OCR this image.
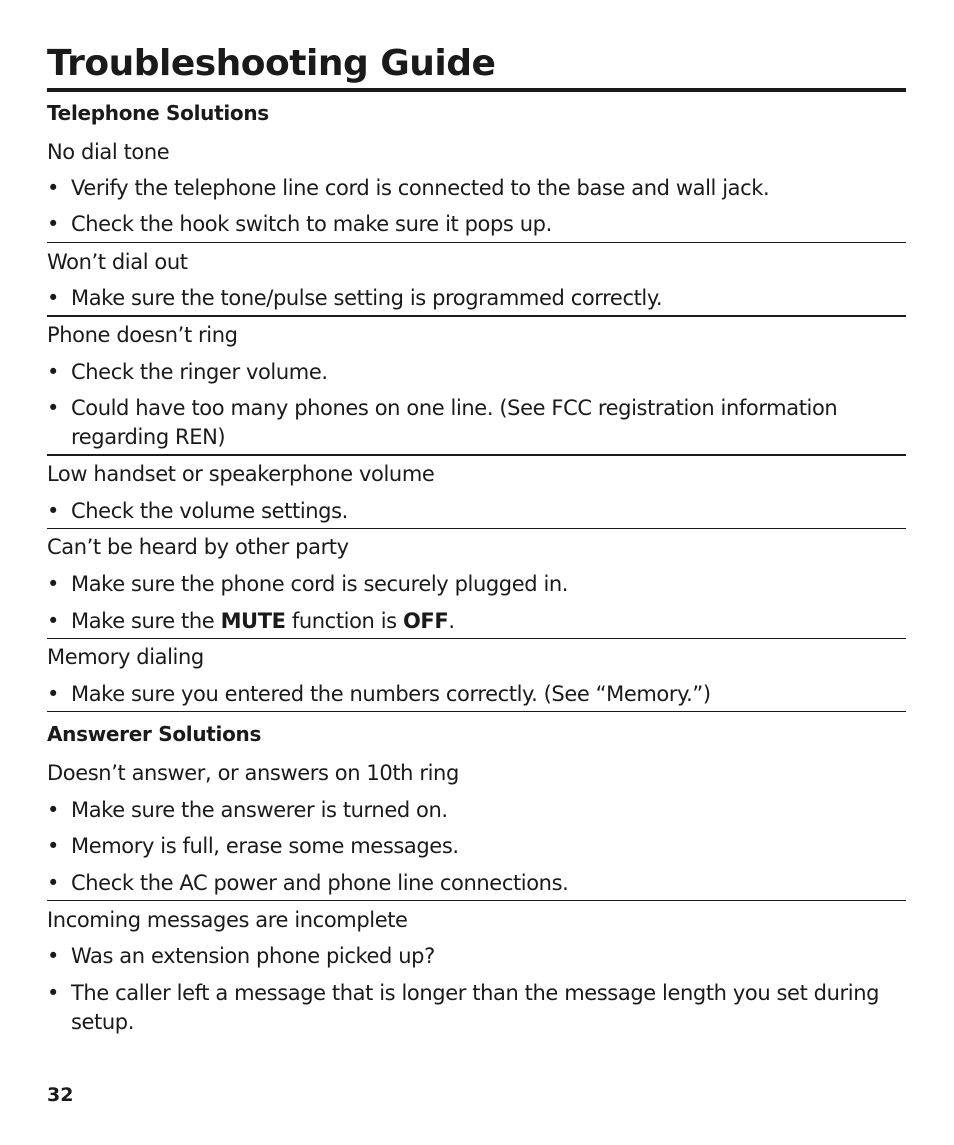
Troubleshooting Guide
Telephone Solutions

No dial tone

• Verify the telephone line cord is connected to the base and wall jack.
• Check the hook switch to make sure it pops up.

Won’t dial out

• Make sure the tone/pulse setting is programmed correctly.

Phone doesn’t ring

• Check the ringer volume.
• Could have too many phones on one line. (See FCC registration information
regarding REN)

Low handset or speakerphone volume

• Check the volume settings.

Can’t be heard by other party

• Make sure the phone cord is securely plugged in.
• Make sure the MUTE function is OFF.

Memory dialing

• Make sure you entered the numbers correctly. (See “Memory.”)
Answerer Solutions

Doesn’t answer, or answers on 10th ring

• Make sure the answerer is turned on.
• Memory is full, erase some messages.
• Check the AC power and phone line connections.

Incoming messages are incomplete

• Was an extension phone picked up?
• The caller left a message that is longer than the message length you set during
setup.
32
